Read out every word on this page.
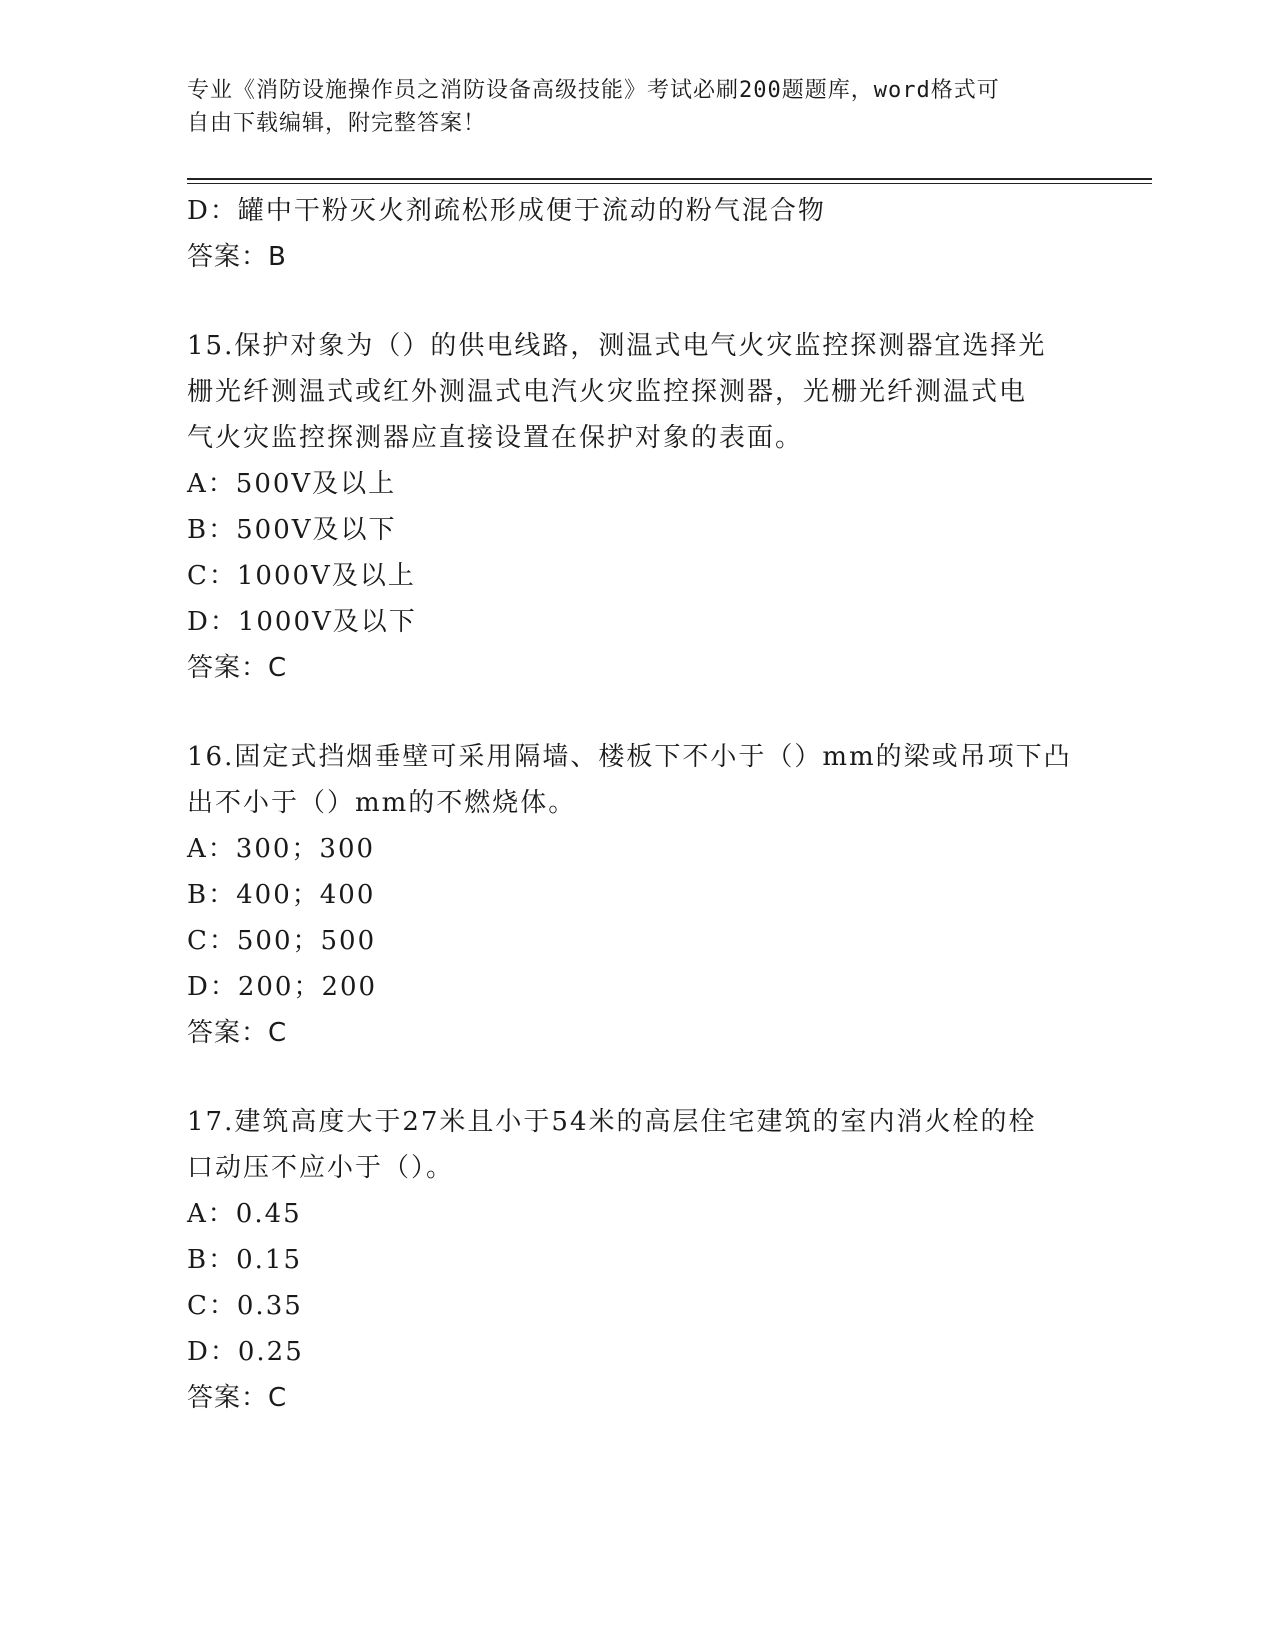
专业《消防设施操作员之消防设备高级技能》考试必刷200题题库，word格式可
自由下载编辑，附完整答案！
D：罐中干粉灭火剂疏松形成便于流动的粉气混合物
答案：B
15.保护对象为（）的供电线路，测温式电气火灾监控探测器宜选择光
栅光纤测温式或红外测温式电汽火灾监控探测器，光栅光纤测温式电
气火灾监控探测器应直接设置在保护对象的表面。
A：500V及以上
B：500V及以下
C：1000V及以上
D：1000V及以下
答案：C
16.固定式挡烟垂壁可采用隔墙、楼板下不小于（）mm的梁或吊项下凸
出不小于（）mm的不燃烧体。
A：300；300
B：400；400
C：500；500
D：200；200
答案：C
17.建筑高度大于27米且小于54米的高层住宅建筑的室内消火栓的栓
口动压不应小于（）。
A：0.45
B：0.15
C：0.35
D：0.25
答案：C
